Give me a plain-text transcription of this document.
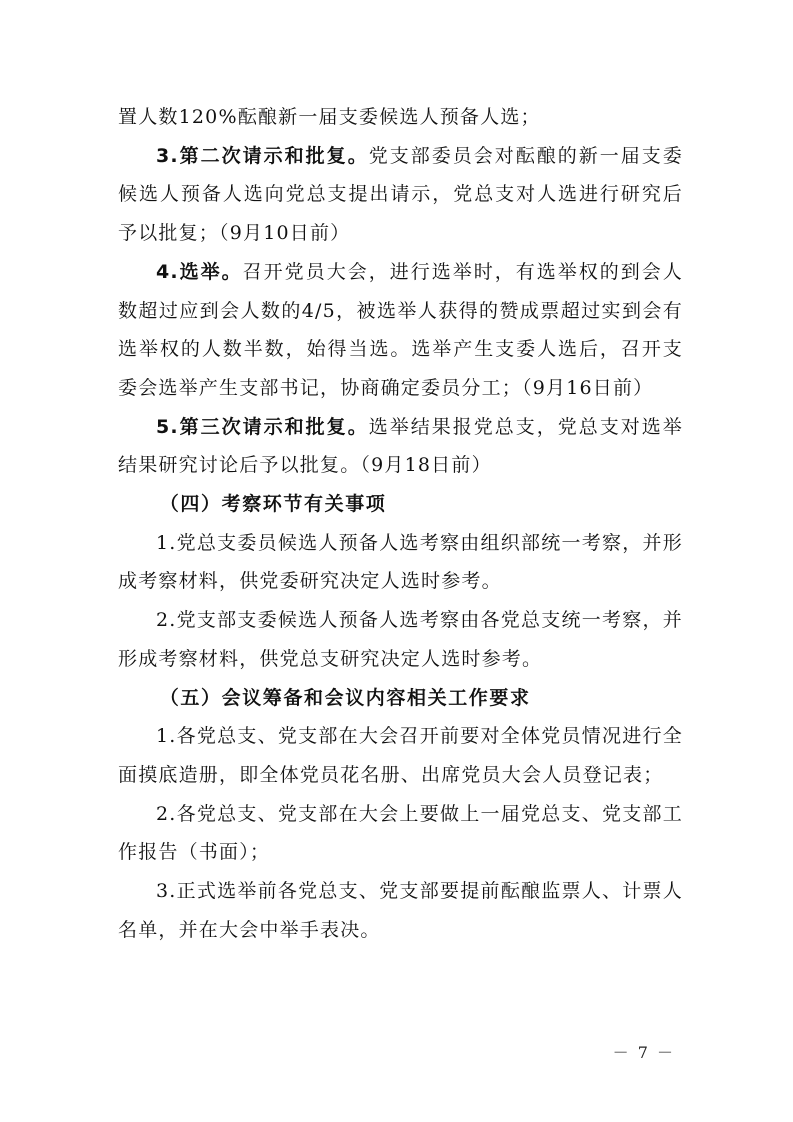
置人数120%酝酿新一届支委候选人预备人选；

3.第二次请示和批复。党支部委员会对酝酿的新一届支委候选人预备人选向党总支提出请示，党总支对人选进行研究后予以批复；（9月10日前）

4.选举。召开党员大会，进行选举时，有选举权的到会人数超过应到会人数的4/5，被选举人获得的赞成票超过实到会有选举权的人数半数，始得当选。选举产生支委人选后，召开支委会选举产生支部书记，协商确定委员分工；（9月16日前）

5.第三次请示和批复。选举结果报党总支，党总支对选举结果研究讨论后予以批复。（9月18日前）

（四）考察环节有关事项

1.党总支委员候选人预备人选考察由组织部统一考察，并形成考察材料，供党委研究决定人选时参考。

2.党支部支委候选人预备人选考察由各党总支统一考察，并形成考察材料，供党总支研究决定人选时参考。

（五）会议筹备和会议内容相关工作要求

1.各党总支、党支部在大会召开前要对全体党员情况进行全面摸底造册，即全体党员花名册、出席党员大会人员登记表；

2.各党总支、党支部在大会上要做上一届党总支、党支部工作报告（书面）；

3.正式选举前各党总支、党支部要提前酝酿监票人、计票人名单，并在大会中举手表决。

－ 7 －
